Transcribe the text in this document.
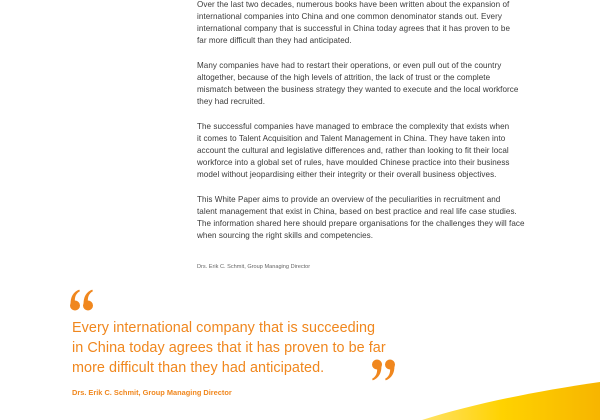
Over the last two decades, numerous books have been written about the expansion of
international companies into China and one common denominator stands out. Every
international company that is successful in China today agrees that it has proven to be
far more difficult than they had anticipated.

Many companies have had to restart their operations, or even pull out of the country
altogether, because of the high levels of attrition, the lack of trust or the complete
mismatch between the business strategy they wanted to execute and the local workforce
they had recruited.

The successful companies have managed to embrace the complexity that exists when
it comes to Talent Acquisition and Talent Management in China. They have taken into
account the cultural and legislative differences and, rather than looking to fit their local
workforce into a global set of rules, have moulded Chinese practice into their business
model without jeopardising either their integrity or their overall business objectives.

This White Paper aims to provide an overview of the peculiarities in recruitment and
talent management that exist in China, based on best practice and real life case studies.
The information shared here should prepare organisations for the challenges they will face
when sourcing the right skills and competencies.

Drs. Erik C. Schmit, Group Managing Director
Every international company that is succeeding
in China today agrees that it has proven to be far
more difficult than they had anticipated.
Drs. Erik C. Schmit, Group Managing Director
